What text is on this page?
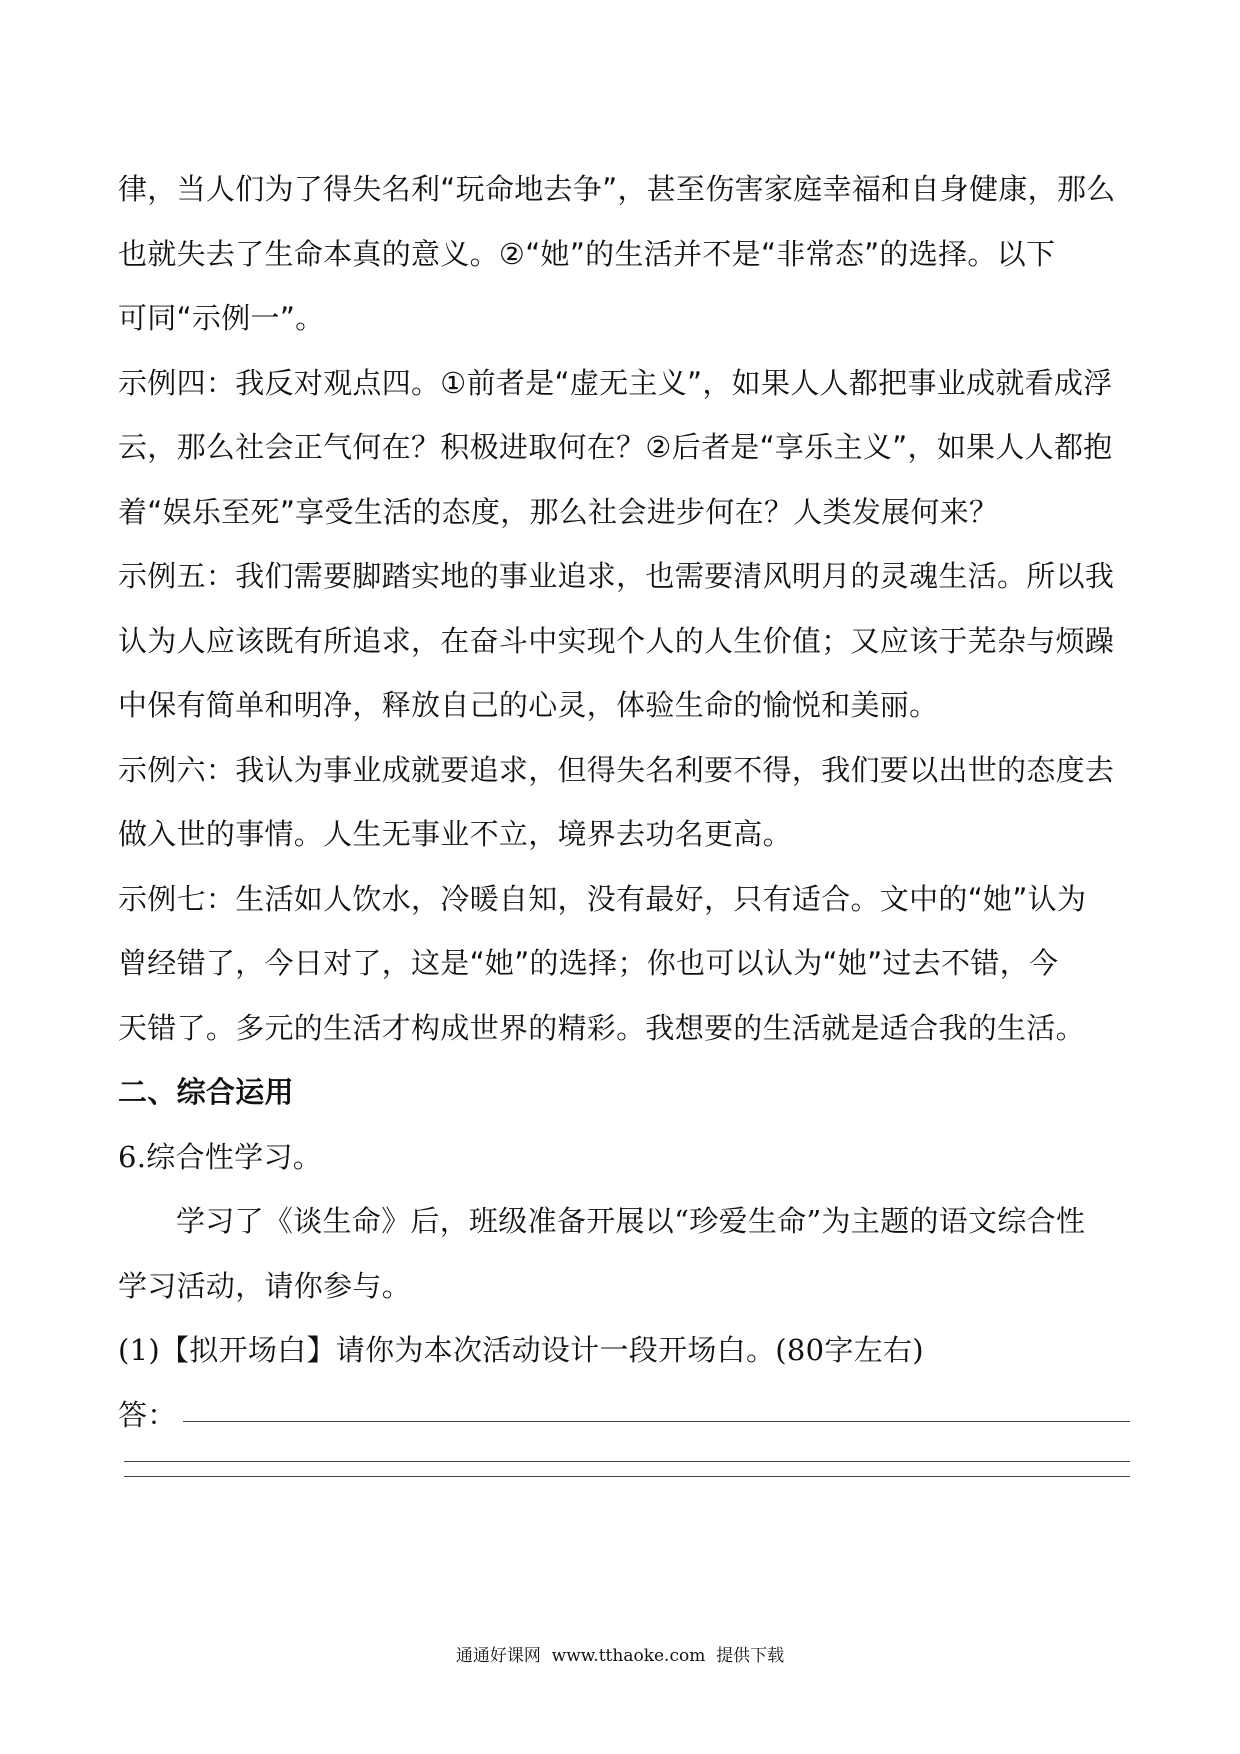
律，当人们为了得失名利“玩命地去争”，甚至伤害家庭幸福和自身健康，那么
也就失去了生命本真的意义。②“她”的生活并不是“非常态”的选择。以下
可同“示例一”。
示例四：我反对观点四。①前者是“虚无主义”，如果人人都把事业成就看成浮
云，那么社会正气何在？积极进取何在？②后者是“享乐主义”，如果人人都抱
着“娱乐至死”享受生活的态度，那么社会进步何在？人类发展何来？
示例五：我们需要脚踏实地的事业追求，也需要清风明月的灵魂生活。所以我
认为人应该既有所追求，在奋斗中实现个人的人生价值；又应该于芜杂与烦躁
中保有简单和明净，释放自己的心灵，体验生命的愉悦和美丽。
示例六：我认为事业成就要追求，但得失名利要不得，我们要以出世的态度去
做入世的事情。人生无事业不立，境界去功名更高。
示例七：生活如人饮水，冷暖自知，没有最好，只有适合。文中的“她”认为
曾经错了，今日对了，这是“她”的选择；你也可以认为“她”过去不错，今
天错了。多元的生活才构成世界的精彩。我想要的生活就是适合我的生活。
二、综合运用
6.综合性学习。
学习了《谈生命》后，班级准备开展以“珍爱生命”为主题的语文综合性
学习活动，请你参与。
(1)【拟开场白】请你为本次活动设计一段开场白。(80字左右)
答：
通通好课网  www.tthaoke.com  提供下载
